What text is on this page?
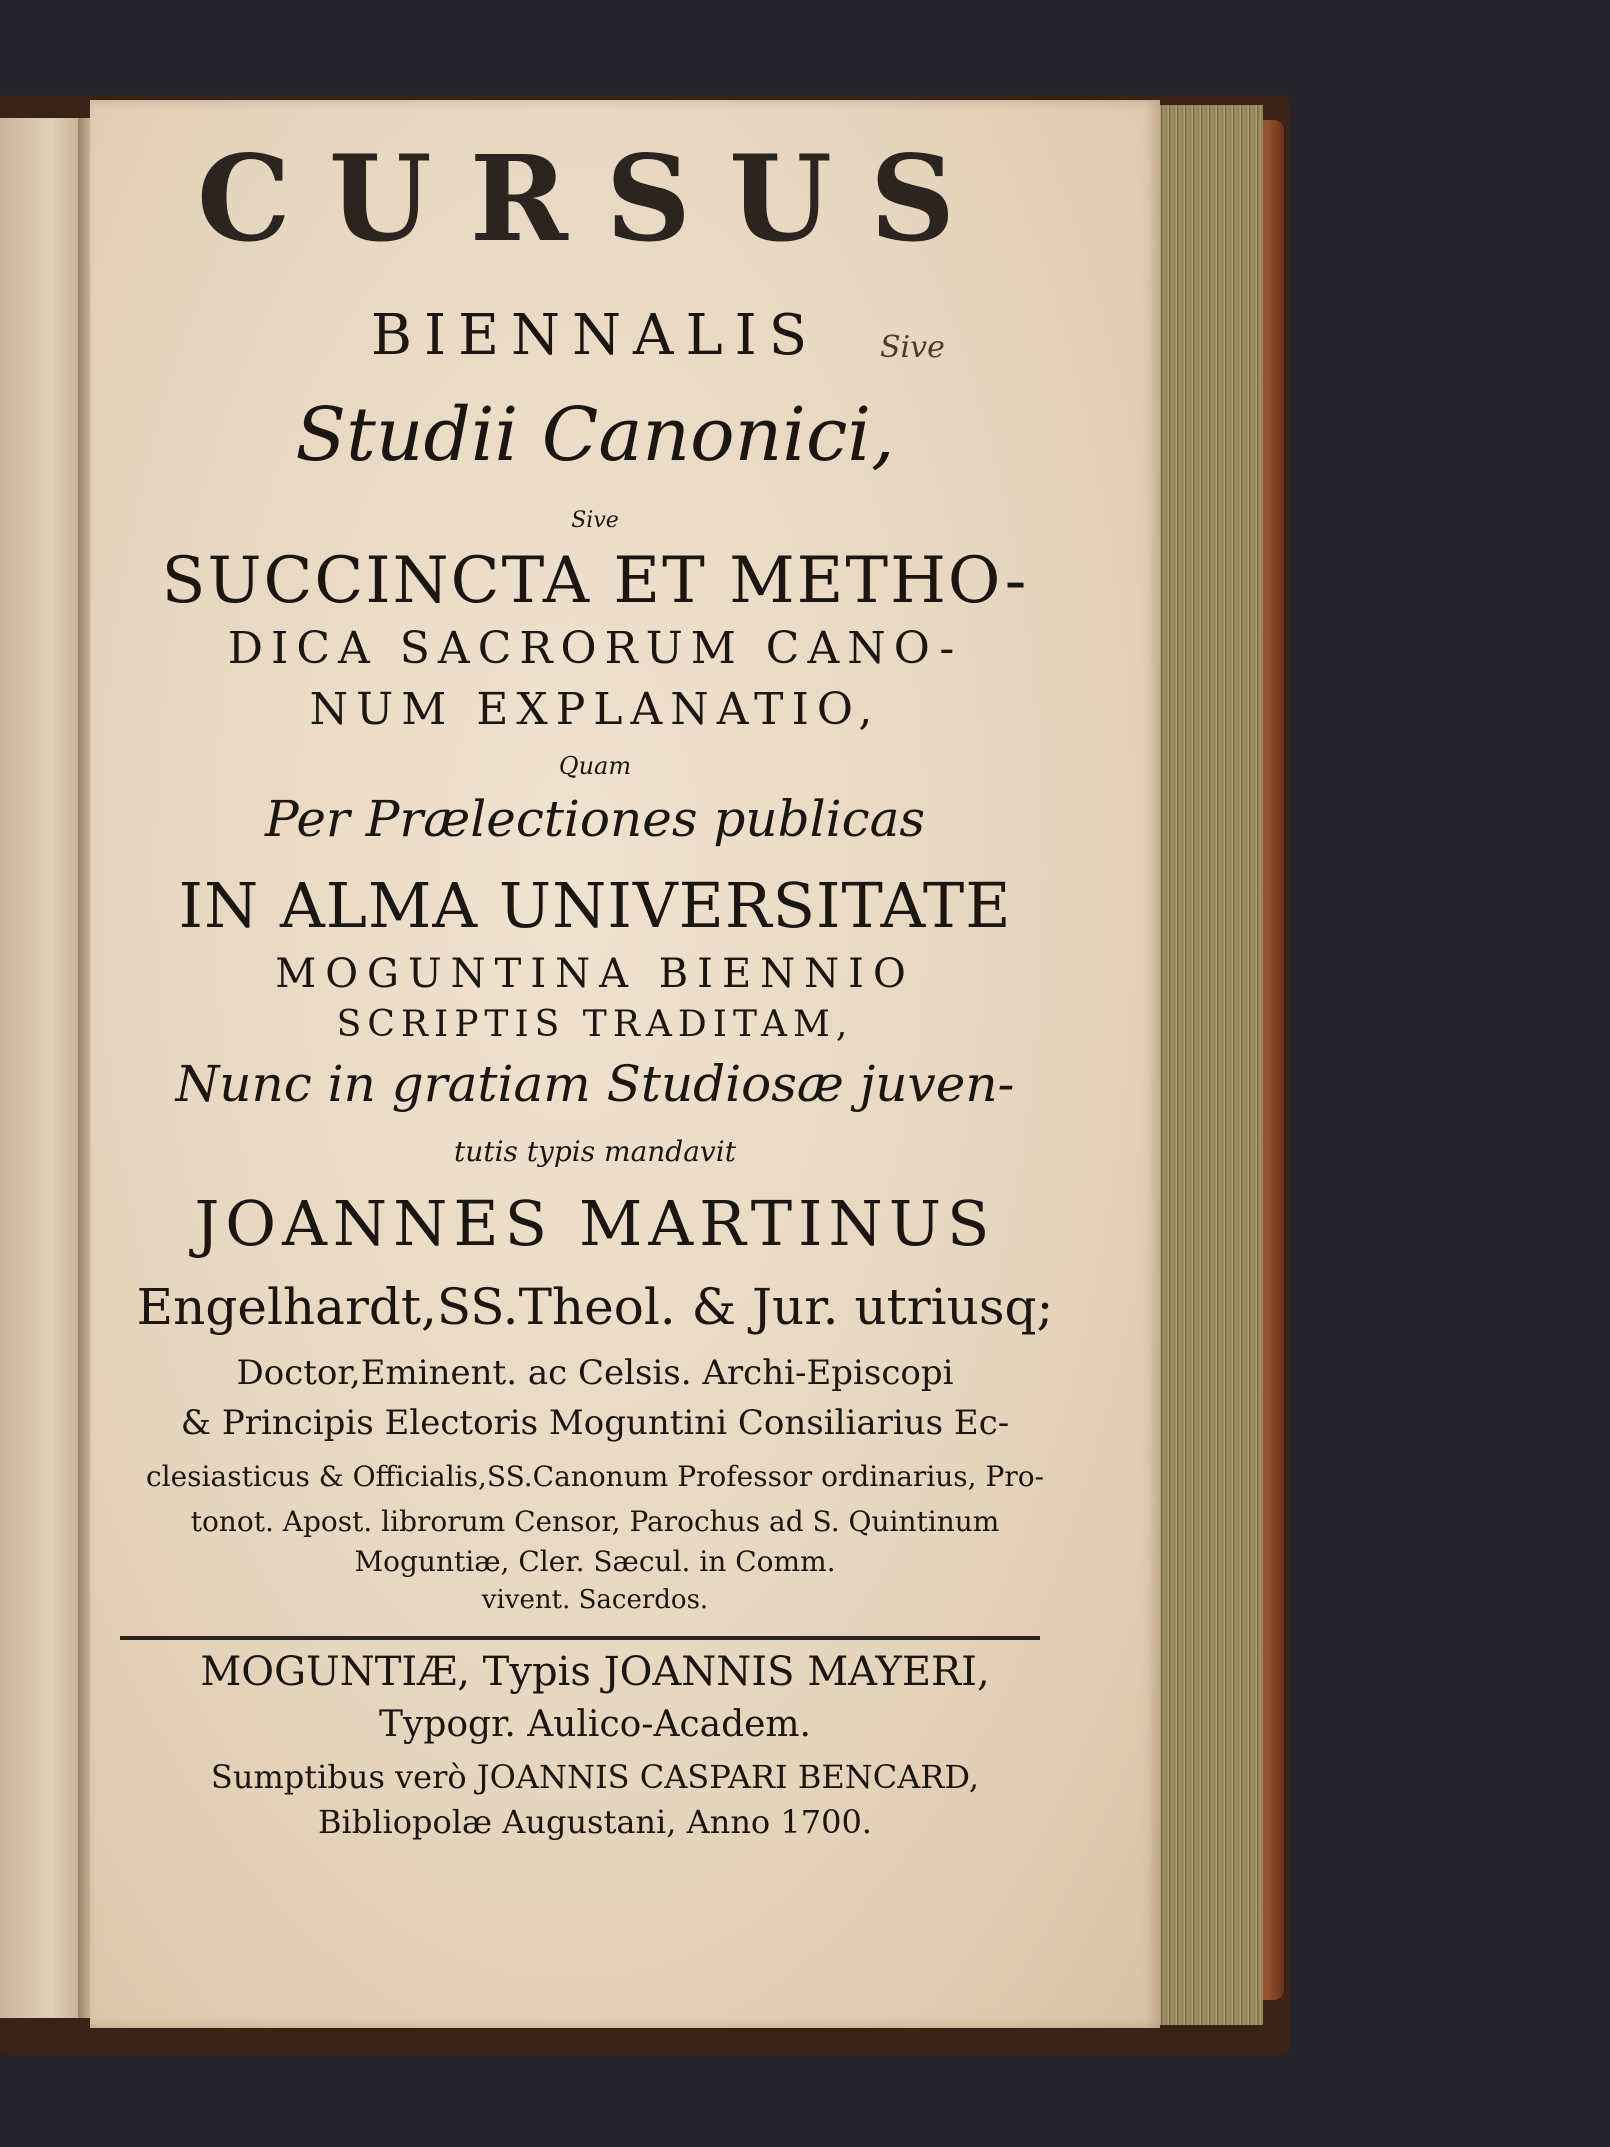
CURSUS
BIENNALIS
Studii Canonici,
Sive
SUCCINCTA ET METHO-
DICA SACRORUM CANO-
NUM EXPLANATIO,
Quam
Per Prælectiones publicas
IN ALMA UNIVERSITATE
MOGUNTINA BIENNIO
SCRIPTIS TRADITAM,
Nunc in gratiam Studiosæ juven-
tutis typis mandavit
JOANNES MARTINUS
Engelhardt,SS.Theol. & Jur. utriusq;
Doctor,Eminent. ac Celsis. Archi-Episcopi
& Principis Electoris Moguntini Consiliarius Ec-
clesiasticus & Officialis,SS.Canonum Professor ordinarius, Pro-
tonot. Apost. librorum Censor, Parochus ad S. Quintinum
Moguntiæ, Cler. Sæcul. in Comm.
vivent. Sacerdos.
MOGUNTIÆ, Typis JOANNIS MAYERI,
Typogr. Aulico-Academ.
Sumptibus verò JOANNIS CASPARI BENCARD,
Bibliopolæ Augustani, Anno 1700.
Sive
